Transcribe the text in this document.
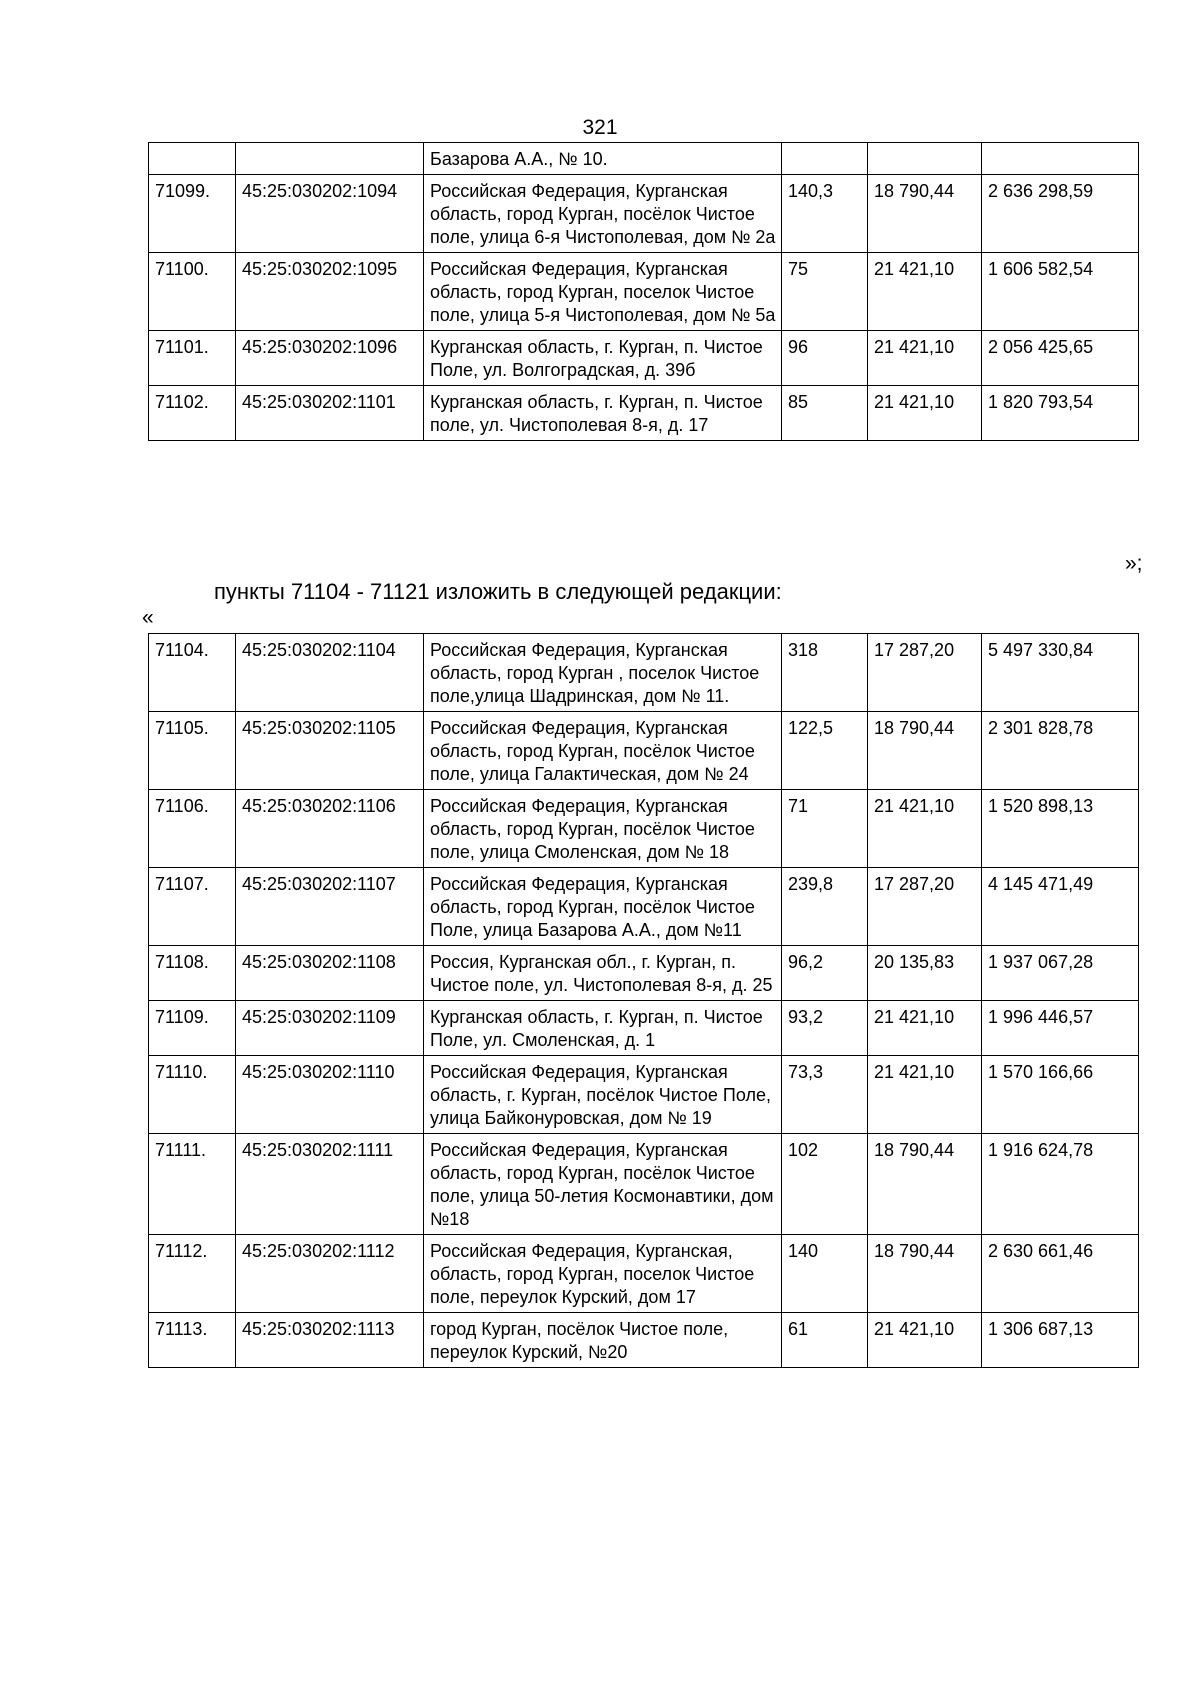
321
		Базарова А.А., № 10.			
71099.	45:25:030202:1094	Российская Федерация, Курганская область, город Курган, посёлок Чистое поле, улица 6-я Чистополевая, дом № 2а	140,3	18 790,44	2 636 298,59
71100.	45:25:030202:1095	Российская Федерация, Курганская область, город Курган, поселок Чистое поле, улица 5-я Чистополевая, дом № 5а	75	21 421,10	1 606 582,54
71101.	45:25:030202:1096	Курганская область, г. Курган, п. Чистое Поле, ул. Волгоградская, д. 39б	96	21 421,10	2 056 425,65
71102.	45:25:030202:1101	Курганская область, г. Курган, п. Чистое поле, ул. Чистополевая 8-я, д. 17	85	21 421,10	1 820 793,54
»;
пункты 71104 - 71121 изложить в следующей редакции:
«
71104.	45:25:030202:1104	Российская Федерация, Курганская область, город Курган , поселок Чистое поле,улица Шадринская, дом № 11.	318	17 287,20	5 497 330,84
71105.	45:25:030202:1105	Российская Федерация, Курганская область, город Курган, посёлок Чистое поле, улица Галактическая, дом № 24	122,5	18 790,44	2 301 828,78
71106.	45:25:030202:1106	Российская Федерация, Курганская область, город Курган, посёлок Чистое поле, улица Смоленская, дом № 18	71	21 421,10	1 520 898,13
71107.	45:25:030202:1107	Российская Федерация, Курганская область, город Курган, посёлок Чистое Поле, улица Базарова А.А., дом №11	239,8	17 287,20	4 145 471,49
71108.	45:25:030202:1108	Россия, Курганская обл., г. Курган, п. Чистое поле, ул. Чистополевая 8-я, д. 25	96,2	20 135,83	1 937 067,28
71109.	45:25:030202:1109	Курганская область, г. Курган, п. Чистое Поле, ул. Смоленская, д. 1	93,2	21 421,10	1 996 446,57
71110.	45:25:030202:1110	Российская Федерация, Курганская область, г. Курган, посёлок Чистое Поле, улица Байконуровская, дом № 19	73,3	21 421,10	1 570 166,66
71111.	45:25:030202:1111	Российская Федерация, Курганская область, город Курган, посёлок Чистое поле, улица 50-летия Космонавтики, дом №18	102	18 790,44	1 916 624,78
71112.	45:25:030202:1112	Российская Федерация, Курганская, область, город Курган, поселок Чистое поле, переулок Курский, дом 17	140	18 790,44	2 630 661,46
71113.	45:25:030202:1113	город Курган, посёлок Чистое поле, переулок Курский, №20	61	21 421,10	1 306 687,13
